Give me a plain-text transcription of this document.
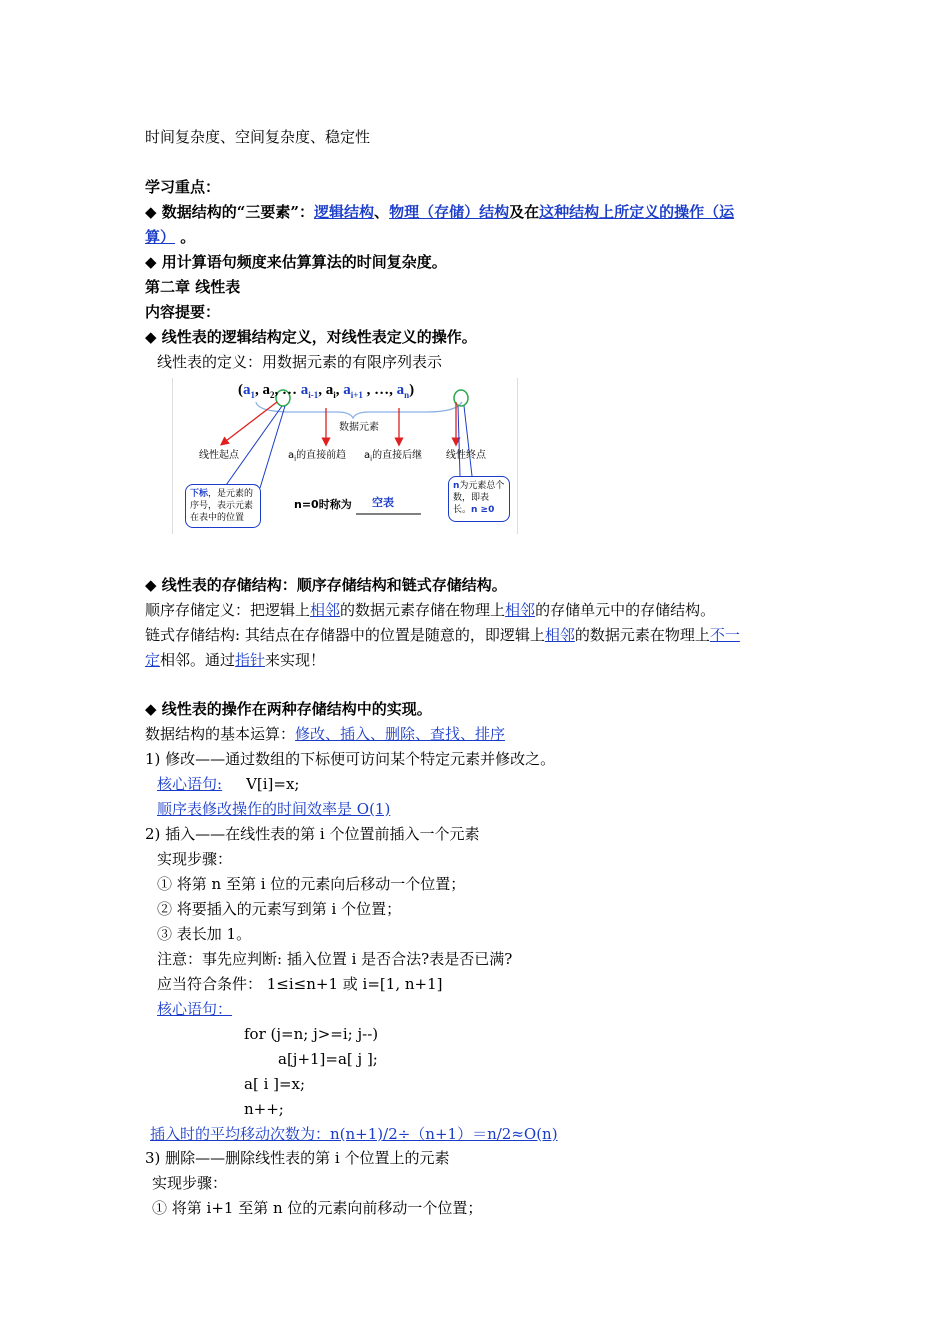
时间复杂度、空间复杂度、稳定性
学习重点：
◆ 数据结构的“三要素”：逻辑结构、物理（存储）结构及在这种结构上所定义的操作（运
算） 。
◆ 用计算语句频度来估算算法的时间复杂度。
第二章 线性表
内容提要：
◆ 线性表的逻辑结构定义，对线性表定义的操作。
线性表的定义：用数据元素的有限序列表示
($a_1$, $a_2$, … $a_{i-1}$, $a_i$, $a_{i+1}$ , …, $a_n$)
数据元素
线性起点	$a_i$的直接前趋 $a_i$的直接后继 线性终点
下标，是元素的序号，表示元素在表中的位置
n为元素总个数，即表长。n ≥0
n=0时称为 空表
◆ 线性表的存储结构：顺序存储结构和链式存储结构。
顺序存储定义：把逻辑上相邻的数据元素存储在物理上相邻的存储单元中的存储结构。
链式存储结构: 其结点在存储器中的位置是随意的，即逻辑上相邻的数据元素在物理上不一
定相邻。通过指针来实现！
◆ 线性表的操作在两种存储结构中的实现。
数据结构的基本运算：修改、插入、删除、查找、排序
1) 修改——通过数组的下标便可访问某个特定元素并修改之。
核心语句: V[i]=x;
顺序表修改操作的时间效率是 O(1)
2) 插入——在线性表的第 i 个位置前插入一个元素
实现步骤：
① 将第 n 至第 i 位的元素向后移动一个位置；
② 将要插入的元素写到第 i 个位置；
③ 表长加 1。
注意：事先应判断: 插入位置 i 是否合法?表是否已满?
应当符合条件： 1≤i≤n+1 或 i=[1, n+1]
核心语句：
for (j=n; j>=i; j--)
a[j+1]=a[ j ];
a[ i ]=x;
n++;
插入时的平均移动次数为：n(n+1)/2÷（n+1）＝n/2≈O(n)
3) 删除——删除线性表的第 i 个位置上的元素
实现步骤：
① 将第 i+1 至第 n 位的元素向前移动一个位置；
